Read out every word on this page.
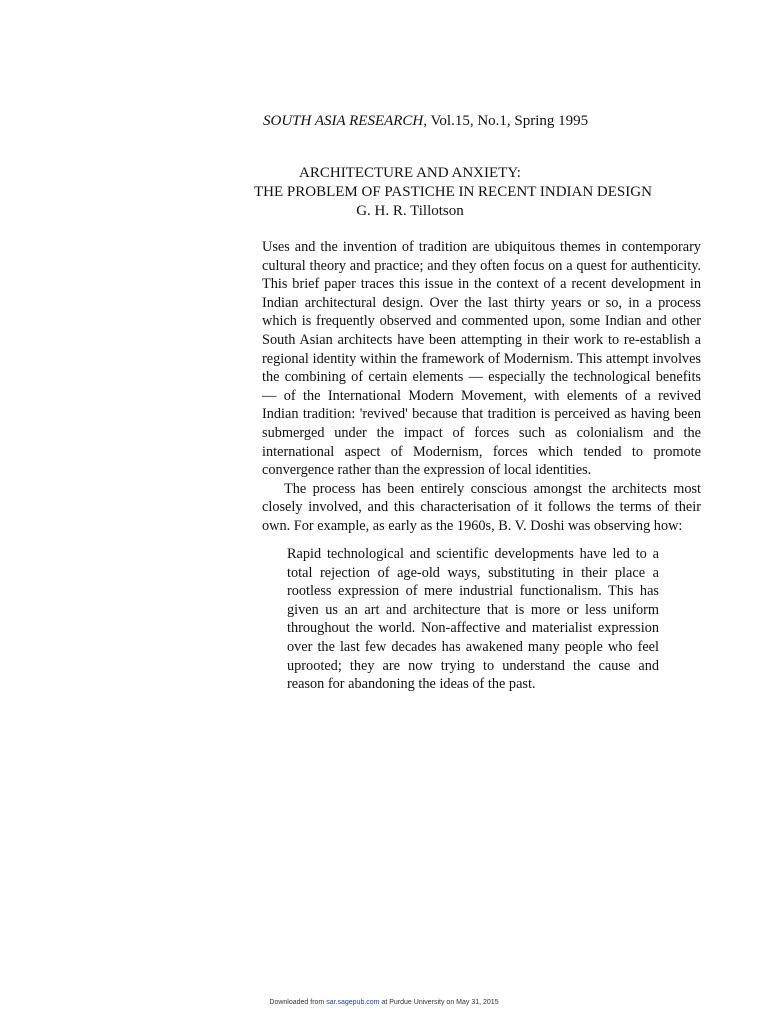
SOUTH ASIA RESEARCH, Vol.15, No.1, Spring 1995
ARCHITECTURE AND ANXIETY:
THE PROBLEM OF PASTICHE IN RECENT INDIAN DESIGN
G. H. R. Tillotson

Uses and the invention of tradition are ubiquitous themes in contemporary cultural theory and practice; and they often focus on a quest for authenticity. This brief paper traces this issue in the context of a recent development in Indian architectural design. Over the last thirty years or so, in a process which is frequently observed and commented upon, some Indian and other South Asian architects have been attempting in their work to re-establish a regional identity within the framework of Modernism. This attempt involves the combining of certain elements — especially the technological benefits — of the International Modern Movement, with elements of a revived Indian tradition: 'revived' because that tradition is perceived as having been submerged under the impact of forces such as colonialism and the international aspect of Modernism, forces which tended to promote convergence rather than the expression of local identities.

The process has been entirely conscious amongst the architects most closely involved, and this characterisation of it follows the terms of their own. For example, as early as the 1960s, B. V. Doshi was observing how:

Rapid technological and scientific developments have led to a total rejection of age-old ways, substituting in their place a rootless expression of mere industrial functionalism. This has given us an art and architecture that is more or less uniform throughout the world. Non-affective and materialist expression over the last few decades has awakened many people who feel uprooted; they are now trying to understand the cause and reason for abandoning the ideas of the past.

Downloaded from sar.sagepub.com at Purdue University on May 31, 2015
